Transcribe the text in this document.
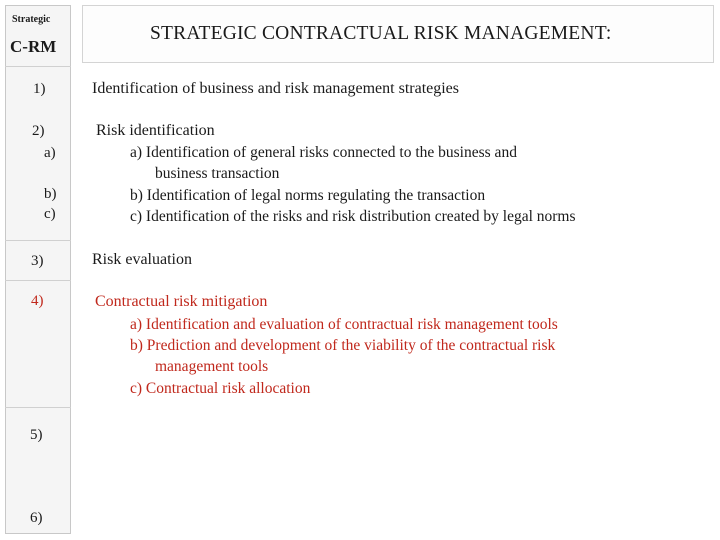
Strategic
C-RM
STRATEGIC CONTRACTUAL RISK MANAGEMENT:
1)
2)
a)
b)
c)
3)
4)
5)
6)
Identification of business and risk management strategies
Risk identification
a) Identification of general risks connected to the business and
business transaction
b) Identification of legal norms regulating the transaction
c) Identification of the risks and risk distribution created by legal norms
Risk evaluation
Contractual risk mitigation
a) Identification and evaluation of contractual risk management tools
b) Prediction and development of the viability of the contractual risk
management tools
c) Contractual risk allocation
